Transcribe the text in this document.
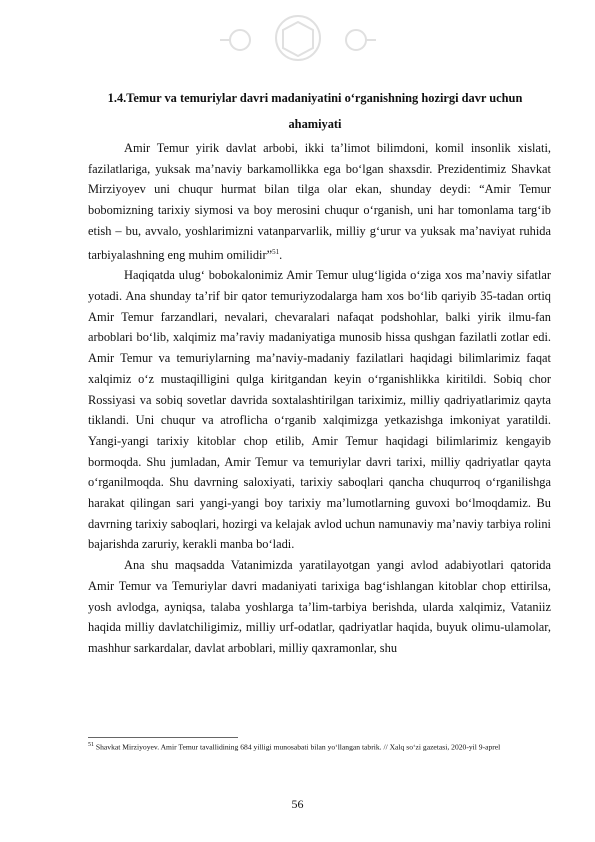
1.4.Temur va temuriylar davri madaniyatini o‘rganishning hozirgi davr uchun
ahamiyati

Amir Temur yirik davlat arbobi, ikki ta’limot bilimdoni, komil insonlik xislati, fazilatlariga, yuksak ma’naviy barkamollikka ega bo‘lgan shaxsdir. Prezidentimiz Shavkat Mirziyoyev uni chuqur hurmat bilan tilga olar ekan, shunday deydi: “Amir Temur bobomizning tarixiy siymosi va boy merosini chuqur o‘rganish, uni har tomonlama targ‘ib etish – bu, avvalo, yoshlarimizni vatanparvarlik, milliy g‘urur va yuksak ma’naviyat ruhida tarbiyalashning eng muhim omilidir”$^{51}$.

Haqiqatda ulug‘ bobokalonimiz Amir Temur ulug‘ligida o‘ziga xos ma’naviy sifatlar yotadi. Ana shunday ta’rif bir qator temuriyzodalarga ham xos bo‘lib qariyib 35-tadan ortiq Amir Temur farzandlari, nevalari, chevaralari nafaqat podshohlar, balki yirik ilmu-fan arboblari bo‘lib, xalqimiz ma’raviy madaniyatiga munosib hissa qushgan fazilatli zotlar edi. Amir Temur va temuriylarning ma’naviy-madaniy fazilatlari haqidagi bilimlarimiz faqat xalqimiz o‘z mustaqilligini qulga kiritgandan keyin o‘rganishlikka kiritildi. Sobiq chor Rossiyasi va sobiq sovetlar davrida soxtalashtirilgan tariximiz, milliy qadriyatlarimiz qayta tiklandi. Uni chuqur va atroflicha o‘rganib xalqimizga yetkazishga imkoniyat yaratildi. Yangi-yangi tarixiy kitoblar chop etilib, Amir Temur haqidagi bilimlarimiz kengayib bormoqda. Shu jumladan, Amir Temur va temuriylar davri tarixi, milliy qadriyatlar qayta o‘rganilmoqda. Shu davrning saloxiyati, tarixiy saboqlari qancha chuqurroq o‘rganilishga harakat qilingan sari yangi-yangi boy tarixiy ma’lumotlarning guvoxi bo‘lmoqdamiz. Bu davrning tarixiy saboqlari, hozirgi va kelajak avlod uchun namunaviy ma’naviy tarbiya rolini bajarishda zaruriy, kerakli manba bo‘ladi.

Ana shu maqsadda Vatanimizda yaratilayotgan yangi avlod adabiyotlari qatorida Amir Temur va Temuriylar davri madaniyati tarixiga bag‘ishlangan kitoblar chop ettirilsa, yosh avlodga, ayniqsa, talaba yoshlarga ta’lim-tarbiya berishda, ularda xalqimiz, Vataniiz haqida milliy davlatchiligimiz, milliy urf-odatlar, qadriyatlar haqida, buyuk olimu-ulamolar, mashhur sarkardalar, davlat arboblari, milliy qaxramonlar, shu

$^{51}$ Shavkat Mirziyoyev. Amir Temur tavallidining 684 yilligi munosabati bilan yo‘llangan tabrik. // Xalq so‘zi gazetasi, 2020-yil 9-aprel
56
